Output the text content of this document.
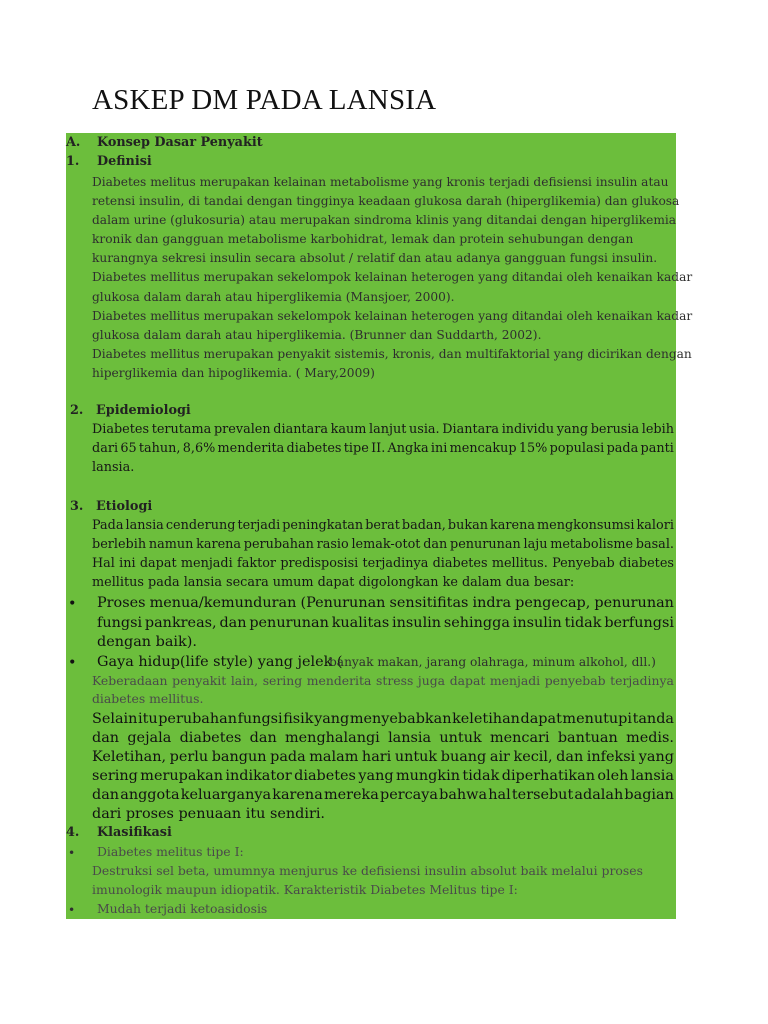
ASKEP DM PADA LANSIA
A. Konsep Dasar Penyakit
1. Definisi
Diabetes melitus merupakan kelainan metabolisme yang kronis terjadi defisiensi insulin atau
retensi insulin, di tandai dengan tingginya keadaan glukosa darah (hiperglikemia) dan glukosa
dalam urine (glukosuria) atau merupakan sindroma klinis yang ditandai dengan hiperglikemia
kronik dan gangguan metabolisme karbohidrat, lemak dan protein sehubungan dengan
kurangnya sekresi insulin secara absolut / relatif dan atau adanya gangguan fungsi insulin.
Diabetes mellitus merupakan sekelompok kelainan heterogen yang ditandai oleh kenaikan kadar
glukosa dalam darah atau hiperglikemia (Mansjoer, 2000).
Diabetes mellitus merupakan sekelompok kelainan heterogen yang ditandai oleh kenaikan kadar
glukosa dalam darah atau hiperglikemia. (Brunner dan Suddarth, 2002).
Diabetes mellitus merupakan penyakit sistemis, kronis, dan multifaktorial yang dicirikan dengan
hiperglikemia dan hipoglikemia. ( Mary,2009)
2. Epidemiologi
Diabetes terutama prevalen diantara kaum lanjut usia. Diantara individu yang berusia lebih
dari 65 tahun, 8,6% menderita diabetes tipe II. Angka ini mencakup 15% populasi pada panti
lansia.
3. Etiologi
Pada lansia cenderung terjadi peningkatan berat badan, bukan karena mengkonsumsi kalori
berlebih namun karena perubahan rasio lemak-otot dan penurunan laju metabolisme basal.
Hal ini dapat menjadi faktor predisposisi terjadinya diabetes mellitus. Penyebab diabetes
mellitus pada lansia secara umum dapat digolongkan ke dalam dua besar:
• Proses menua/kemunduran (Penurunan sensitifitas indra pengecap, penurunan
fungsi pankreas, dan penurunan kualitas insulin sehingga insulin tidak berfungsi
dengan baik).
• Gaya hidup(life style) yang jelek (
banyak makan, jarang olahraga, minum alkohol, dll.)
Keberadaan penyakit lain, sering menderita stress juga dapat menjadi penyebab terjadinya
diabetes mellitus.
Selain itu perubahan fungsi fisik yang menyebabkan keletihan dapat menutupi tanda
dan gejala diabetes dan menghalangi lansia untuk mencari bantuan medis.
Keletihan, perlu bangun pada malam hari untuk buang air kecil, dan infeksi yang
sering merupakan indikator diabetes yang mungkin tidak diperhatikan oleh lansia
dan anggota keluarganya karena mereka percaya bahwa hal tersebut adalah bagian
dari proses penuaan itu sendiri.
4. Klasifikasi
• Diabetes melitus tipe I:
Destruksi sel beta, umumnya menjurus ke defisiensi insulin absolut baik melalui proses
imunologik maupun idiopatik. Karakteristik Diabetes Melitus tipe I:
• Mudah terjadi ketoasidosis
